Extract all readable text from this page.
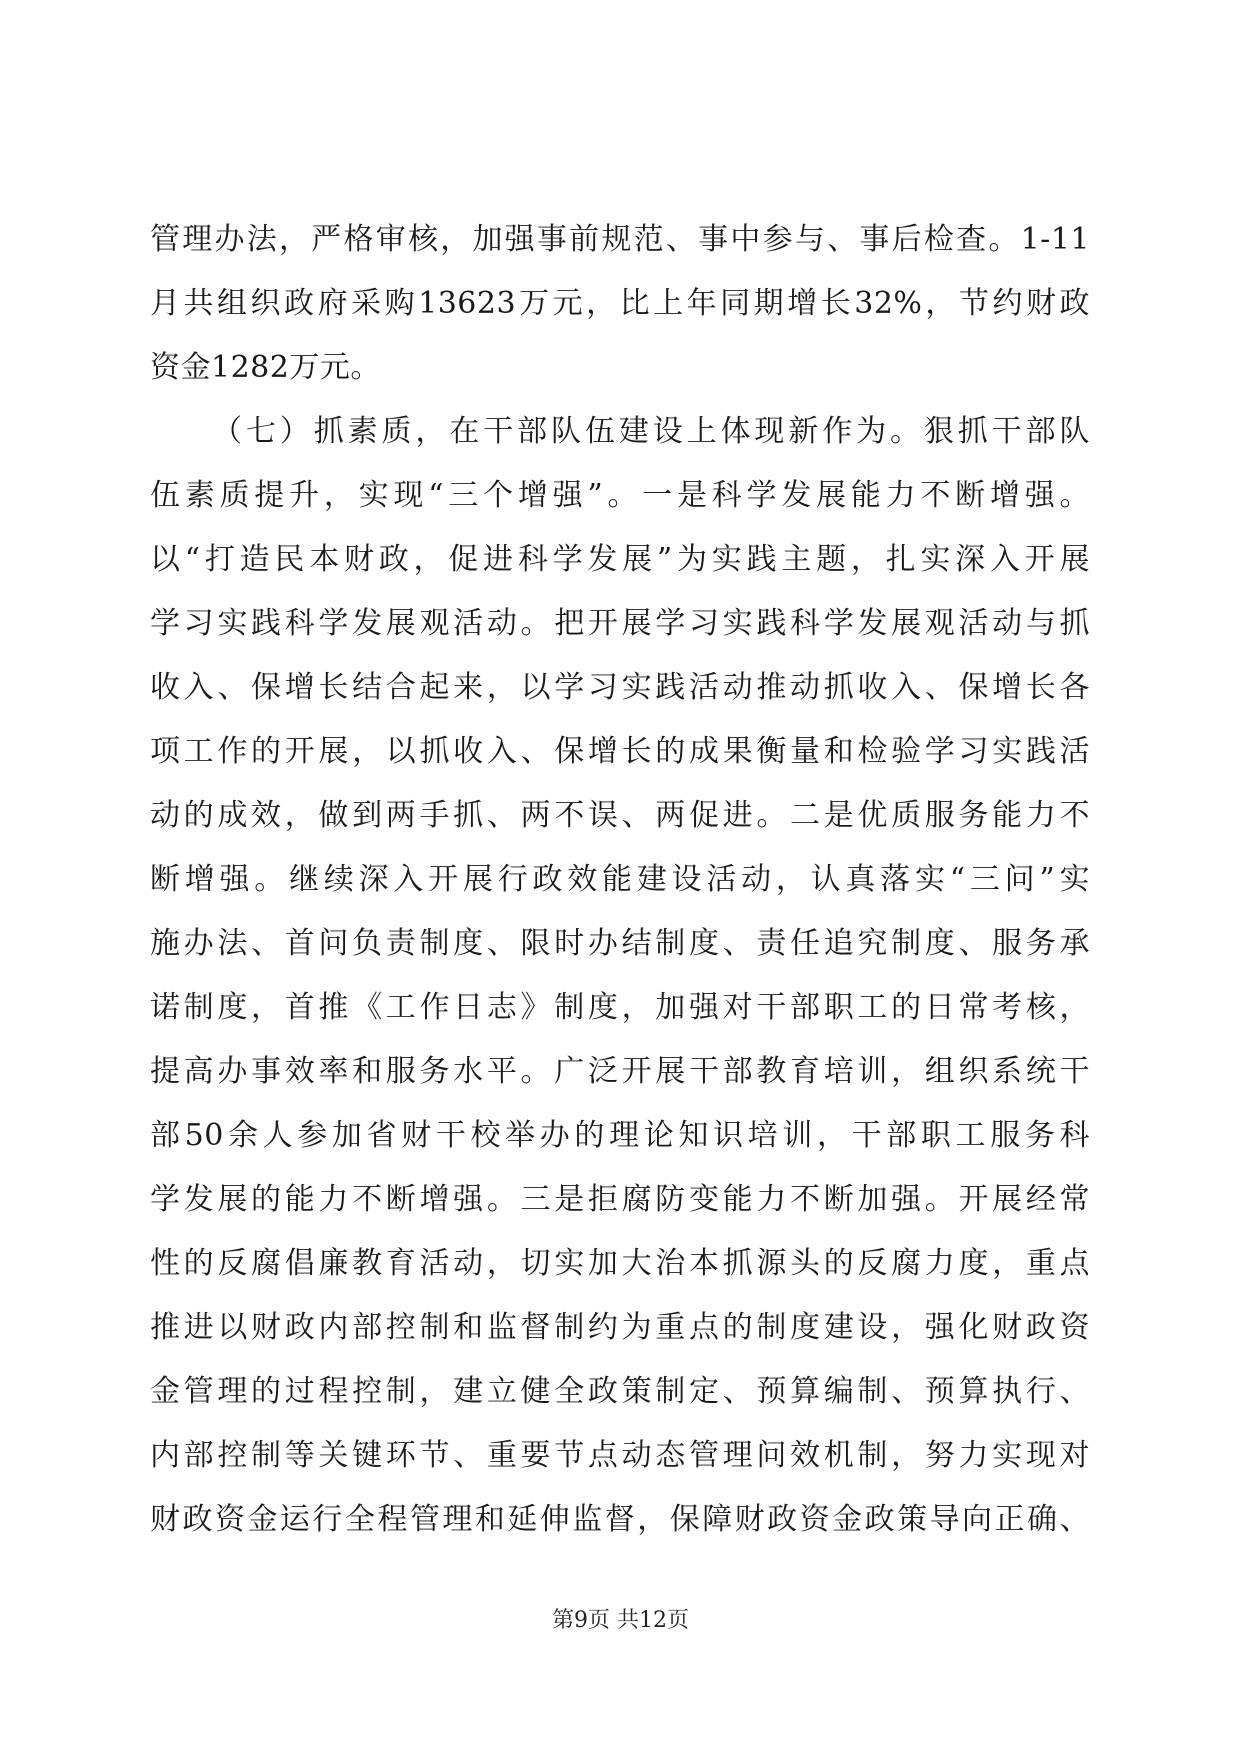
管理办法，严格审核，加强事前规范、事中参与、事后检查。1-11
月共组织政府采购13623万元，比上年同期增长32%，节约财政
资金1282万元。
（七）抓素质，在干部队伍建设上体现新作为。狠抓干部队
伍素质提升，实现“三个增强”。一是科学发展能力不断增强。
以“打造民本财政，促进科学发展”为实践主题，扎实深入开展
学习实践科学发展观活动。把开展学习实践科学发展观活动与抓
收入、保增长结合起来，以学习实践活动推动抓收入、保增长各
项工作的开展，以抓收入、保增长的成果衡量和检验学习实践活
动的成效，做到两手抓、两不误、两促进。二是优质服务能力不
断增强。继续深入开展行政效能建设活动，认真落实“三问”实
施办法、首问负责制度、限时办结制度、责任追究制度、服务承
诺制度，首推《工作日志》制度，加强对干部职工的日常考核，
提高办事效率和服务水平。广泛开展干部教育培训，组织系统干
部50余人参加省财干校举办的理论知识培训，干部职工服务科
学发展的能力不断增强。三是拒腐防变能力不断加强。开展经常
性的反腐倡廉教育活动，切实加大治本抓源头的反腐力度，重点
推进以财政内部控制和监督制约为重点的制度建设，强化财政资
金管理的过程控制，建立健全政策制定、预算编制、预算执行、
内部控制等关键环节、重要节点动态管理问效机制，努力实现对
财政资金运行全程管理和延伸监督，保障财政资金政策导向正确、
第9页 共12页
